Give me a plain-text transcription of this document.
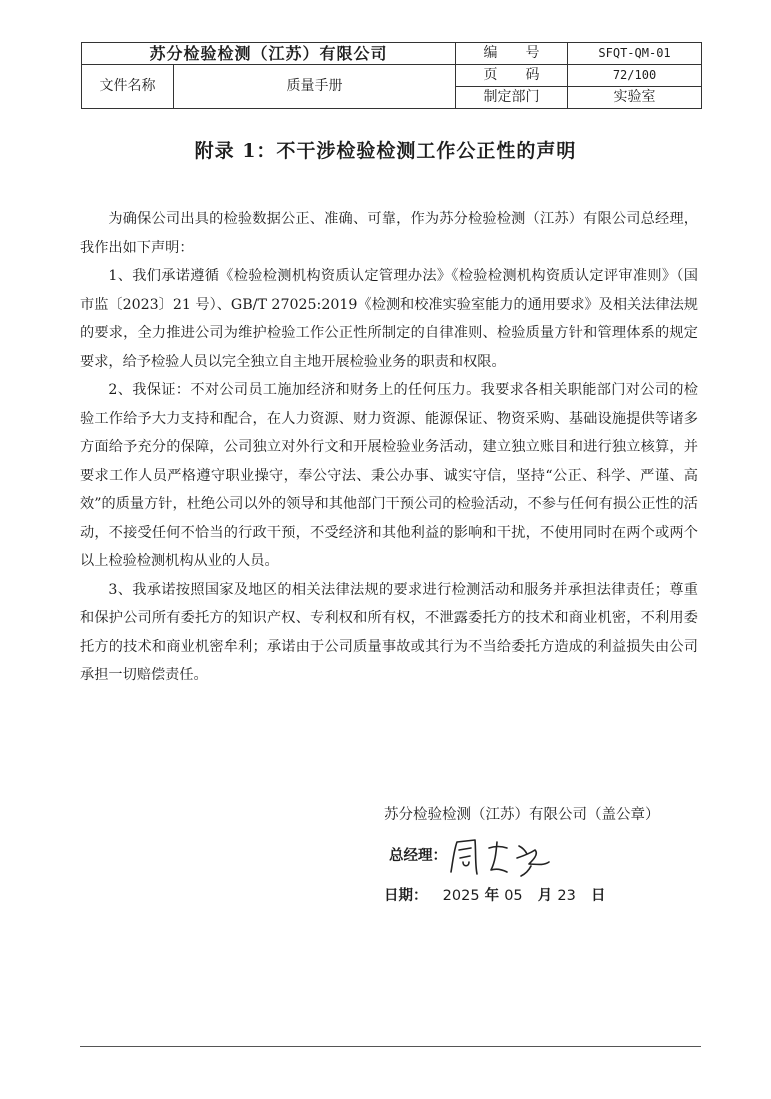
苏分检验检测（江苏）有限公司		编　　号	SFQT-QM-01
文件名称	质量手册	页　　码	72/100
		制定部门	实验室
附录 1：不干涉检验检测工作公正性的声明

为确保公司出具的检验数据公正、准确、可靠，作为苏分检验检测（江苏）有限公司总经理，我作出如下声明：

1、我们承诺遵循《检验检测机构资质认定管理办法》《检验检测机构资质认定评审准则》（国市监〔2023〕21 号）、GB/T 27025:2019《检测和校准实验室能力的通用要求》及相关法律法规的要求，全力推进公司为维护检验工作公正性所制定的自律准则、检验质量方针和管理体系的规定要求，给予检验人员以完全独立自主地开展检验业务的职责和权限。

2、我保证：不对公司员工施加经济和财务上的任何压力。我要求各相关职能部门对公司的检验工作给予大力支持和配合，在人力资源、财力资源、能源保证、物资采购、基础设施提供等诸多方面给予充分的保障，公司独立对外行文和开展检验业务活动，建立独立账目和进行独立核算，并要求工作人员严格遵守职业操守，奉公守法、秉公办事、诚实守信，坚持“公正、科学、严谨、高效”的质量方针，杜绝公司以外的领导和其他部门干预公司的检验活动，不参与任何有损公正性的活动，不接受任何不恰当的行政干预，不受经济和其他利益的影响和干扰，不使用同时在两个或两个以上检验检测机构从业的人员。

3、我承诺按照国家及地区的相关法律法规的要求进行检测活动和服务并承担法律责任；尊重和保护公司所有委托方的知识产权、专利权和所有权，不泄露委托方的技术和商业机密，不利用委托方的技术和商业机密牟利；承诺由于公司质量事故或其行为不当给委托方造成的利益损失由公司承担一切赔偿责任。

苏分检验检测（江苏）有限公司（盖公章）
总经理：
日期： 2025 年 05 月 23 日
